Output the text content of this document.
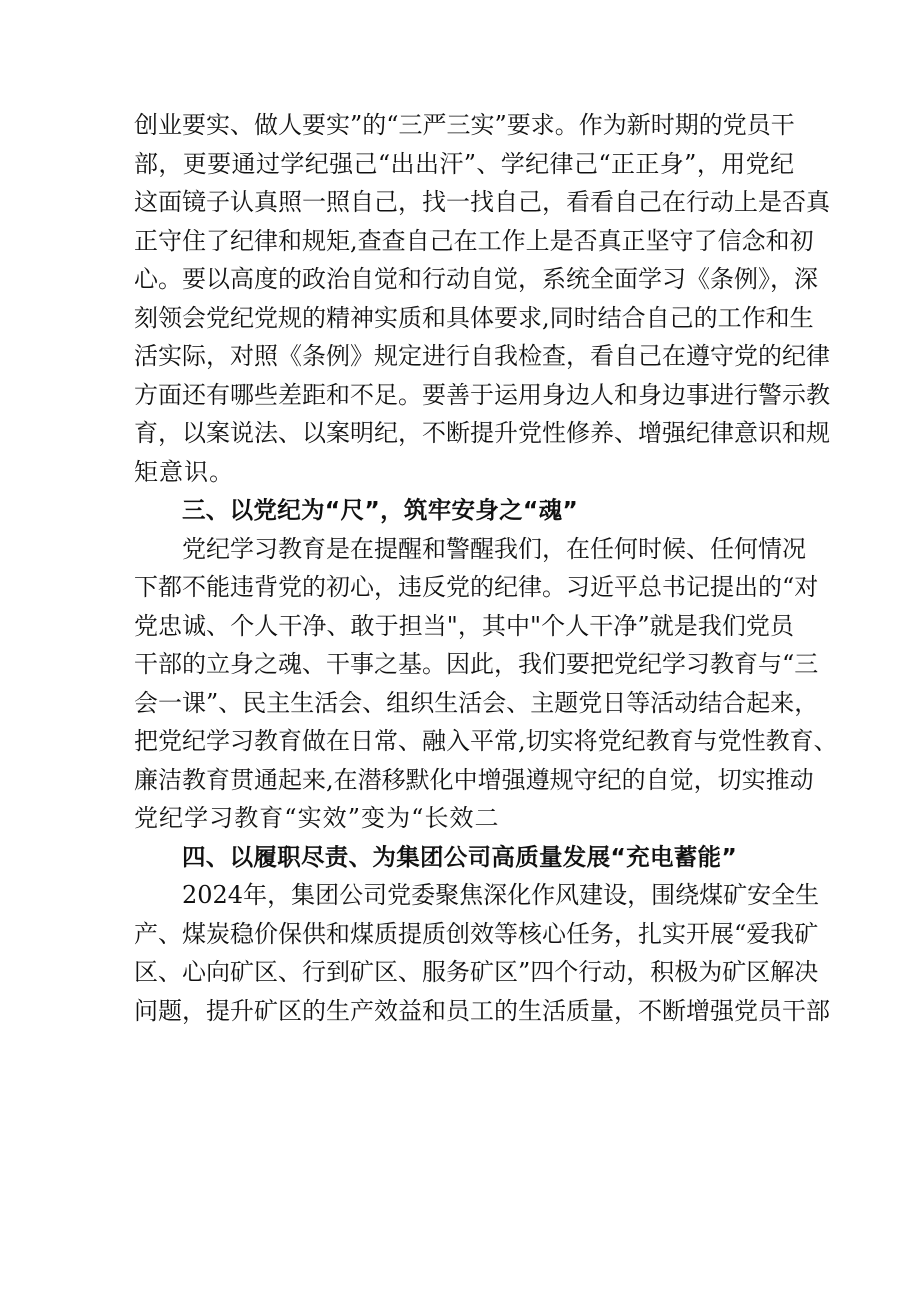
创业要实、做人要实”的“三严三实”要求。作为新时期的党员干
部，更要通过学纪强己“出出汗”、学纪律己“正正身”，用党纪
这面镜子认真照一照自己，找一找自己，看看自己在行动上是否真
正守住了纪律和规矩,查查自己在工作上是否真正坚守了信念和初
心。要以高度的政治自觉和行动自觉，系统全面学习《条例》，深
刻领会党纪党规的精神实质和具体要求,同时结合自己的工作和生
活实际，对照《条例》规定进行自我检查，看自己在遵守党的纪律
方面还有哪些差距和不足。要善于运用身边人和身边事进行警示教
育，以案说法、以案明纪，不断提升党性修养、增强纪律意识和规
矩意识。
三、以党纪为“尺”，筑牢安身之“魂”
党纪学习教育是在提醒和警醒我们，在任何时候、任何情况
下都不能违背党的初心，违反党的纪律。习近平总书记提出的“对
党忠诚、个人干净、敢于担当"，其中"个人干净”就是我们党员
干部的立身之魂、干事之基。因此，我们要把党纪学习教育与“三
会一课”、民主生活会、组织生活会、主题党日等活动结合起来，
把党纪学习教育做在日常、融入平常,切实将党纪教育与党性教育、
廉洁教育贯通起来,在潜移默化中增强遵规守纪的自觉，切实推动
党纪学习教育“实效”变为“长效二
四、以履职尽责、为集团公司高质量发展“充电蓄能”
2024年，集团公司党委聚焦深化作风建设，围绕煤矿安全生
产、煤炭稳价保供和煤质提质创效等核心任务，扎实开展“爱我矿
区、心向矿区、行到矿区、服务矿区”四个行动，积极为矿区解决
问题，提升矿区的生产效益和员工的生活质量，不断增强党员干部
